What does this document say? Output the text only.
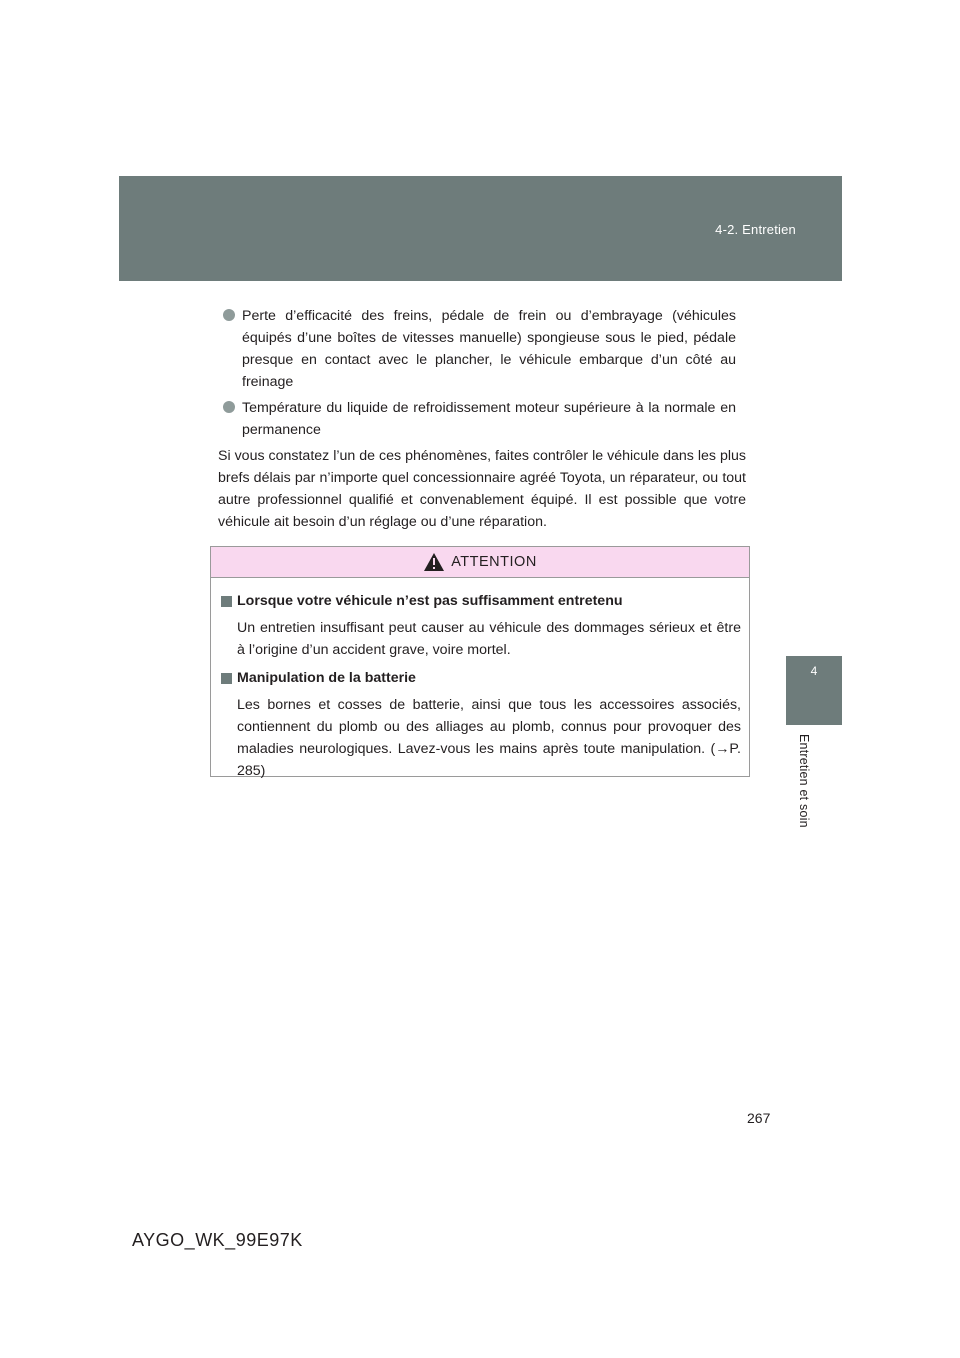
4-2. Entretien
4
Entretien et soin
Perte d’efficacité des freins, pédale de frein ou d’embrayage (véhicules équipés d’une boîtes de vitesses manuelle) spongieuse sous le pied, pédale presque en contact avec le plancher, le véhicule embarque d’un côté au freinage
Température du liquide de refroidissement moteur supérieure à la normale en permanence
Si vous constatez l’un de ces phénomènes, faites contrôler le véhicule dans les plus brefs délais par n’importe quel concessionnaire agréé Toyota, un réparateur, ou tout autre professionnel qualifié et convenablement équipé. Il est possible que votre véhicule ait besoin d’un réglage ou d’une réparation.
ATTENTION
Lorsque votre véhicule n’est pas suffisamment entretenu
Un entretien insuffisant peut causer au véhicule des dommages sérieux et être à l’origine d’un accident grave, voire mortel.
Manipulation de la batterie
Les bornes et cosses de batterie, ainsi que tous les accessoires associés, contiennent du plomb ou des alliages au plomb, connus pour provoquer des maladies neurologiques. Lavez-vous les mains après toute manipulation. (→P. 285)
267
AYGO_WK_99E97K
